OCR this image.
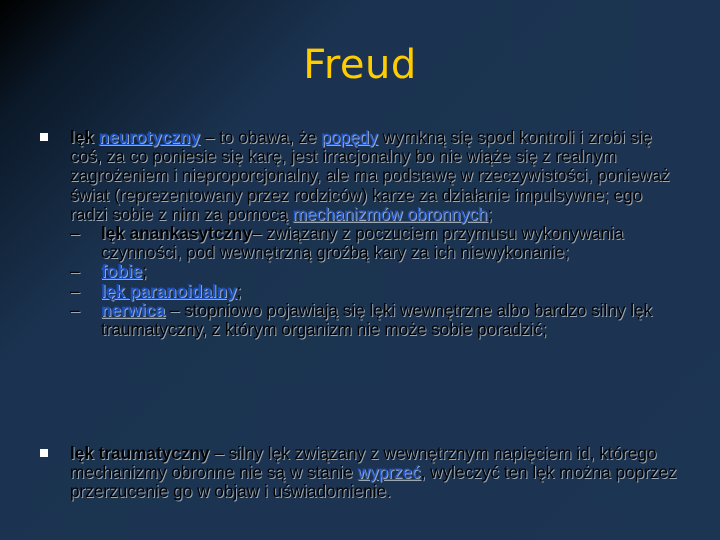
Freud
lęk neurotyczny – to obawa, że popędy wymkną się spod kontroli i zrobi się coś, za co poniesie się karę, jest irracjonalny bo nie wiąże się z realnym zagrożeniem i nieproporcjonalny, ale ma podstawę w rzeczywistości, ponieważ świat (reprezentowany przez rodziców) karze za działanie impulsywne; ego radzi sobie z nim za pomocą mechanizmów obronnych;
– lęk anankasytczny– związany z poczuciem przymusu wykonywania czynności, pod wewnętrzną groźbą kary za ich niewykonanie;
– fobie;
– lęk paranoidalny;
– nerwica – stopniowo pojawiają się lęki wewnętrzne albo bardzo silny lęk traumatyczny, z którym organizm nie może sobie poradzić;
lęk traumatyczny – silny lęk związany z wewnętrznym napięciem id, którego mechanizmy obronne nie są w stanie wyprzeć, wyleczyć ten lęk można poprzez przerzucenie go w objaw i uświadomienie.
